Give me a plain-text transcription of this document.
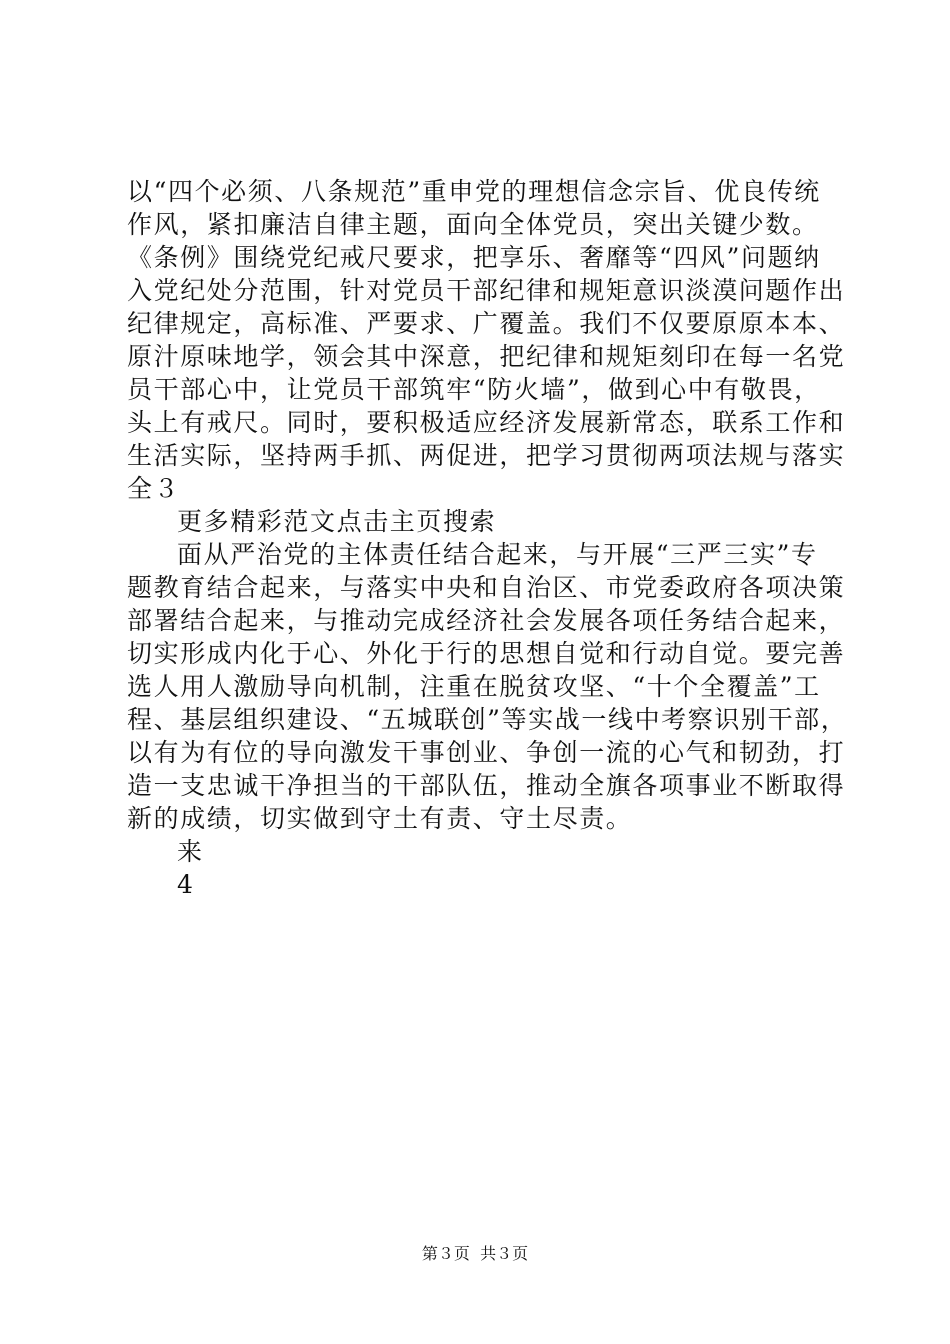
以“四个必须、八条规范”重申党的理想信念宗旨、优良传统
作风，紧扣廉洁自律主题，面向全体党员，突出关键少数。
《条例》围绕党纪戒尺要求，把享乐、奢靡等“四风”问题纳
入党纪处分范围，针对党员干部纪律和规矩意识淡漠问题作出
纪律规定，高标准、严要求、广覆盖。我们不仅要原原本本、
原汁原味地学，领会其中深意，把纪律和规矩刻印在每一名党
员干部心中，让党员干部筑牢“防火墙”，做到心中有敬畏，
头上有戒尺。同时，要积极适应经济发展新常态，联系工作和
生活实际，坚持两手抓、两促进，把学习贯彻两项法规与落实
全３
更多精彩范文点击主页搜索
面从严治党的主体责任结合起来，与开展“三严三实”专
题教育结合起来，与落实中央和自治区、市党委政府各项决策
部署结合起来，与推动完成经济社会发展各项任务结合起来，
切实形成内化于心、外化于行的思想自觉和行动自觉。要完善
选人用人激励导向机制，注重在脱贫攻坚、“十个全覆盖”工
程、基层组织建设、“五城联创”等实战一线中考察识别干部，
以有为有位的导向激发干事创业、争创一流的心气和韧劲，打
造一支忠诚干净担当的干部队伍，推动全旗各项事业不断取得
新的成绩，切实做到守土有责、守土尽责。
来
4
第３页  共３页
